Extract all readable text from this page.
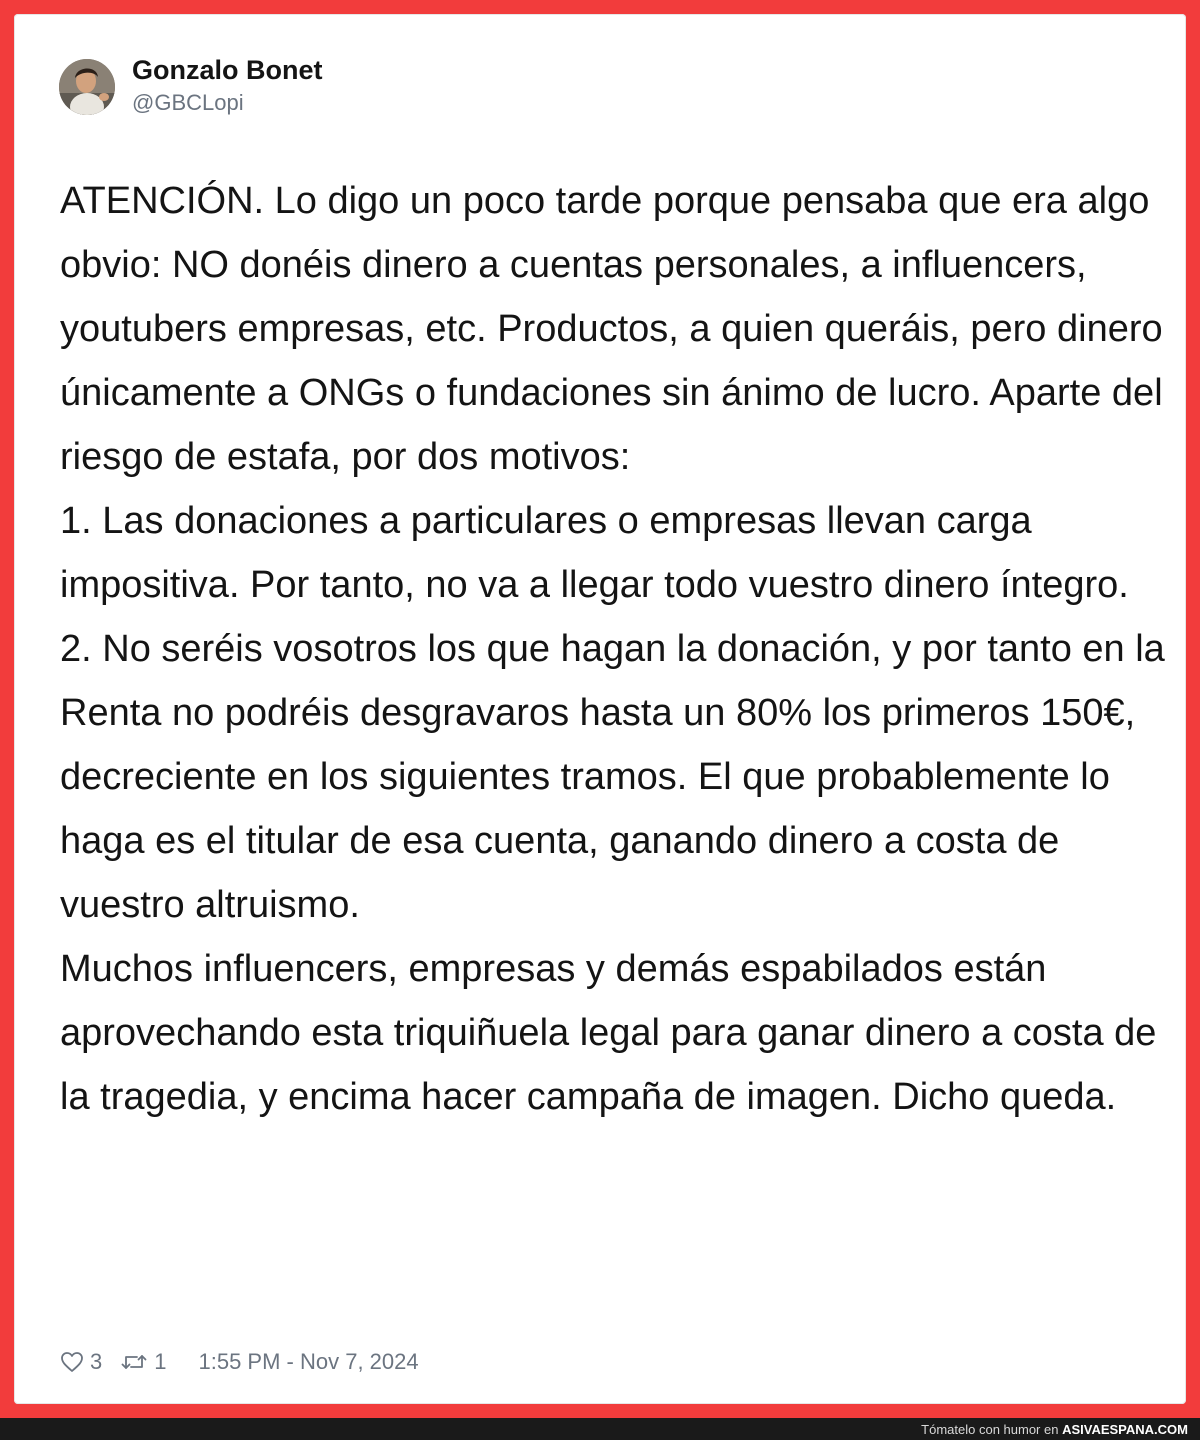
Gonzalo Bonet
@GBCLopi

ATENCIÓN. Lo digo un poco tarde porque pensaba que era algo obvio: NO donéis dinero a cuentas personales, a influencers, youtubers empresas, etc. Productos, a quien queráis, pero dinero únicamente a ONGs o fundaciones sin ánimo de lucro. Aparte del riesgo de estafa, por dos motivos:
1. Las donaciones a particulares o empresas llevan carga impositiva. Por tanto, no va a llegar todo vuestro dinero íntegro.
2. No seréis vosotros los que hagan la donación, y por tanto en la Renta no podréis desgravaros hasta un 80% los primeros 150€, decreciente en los siguientes tramos. El que probablemente lo haga es el titular de esa cuenta, ganando dinero a costa de vuestro altruismo.
Muchos influencers, empresas y demás espabilados están aprovechando esta triquiñuela legal para ganar dinero a costa de la tragedia, y encima hacer campaña de imagen. Dicho queda.

3 1 1:55 PM - Nov 7, 2024
Tómatelo con humor en ASIVAESPANA.COM
